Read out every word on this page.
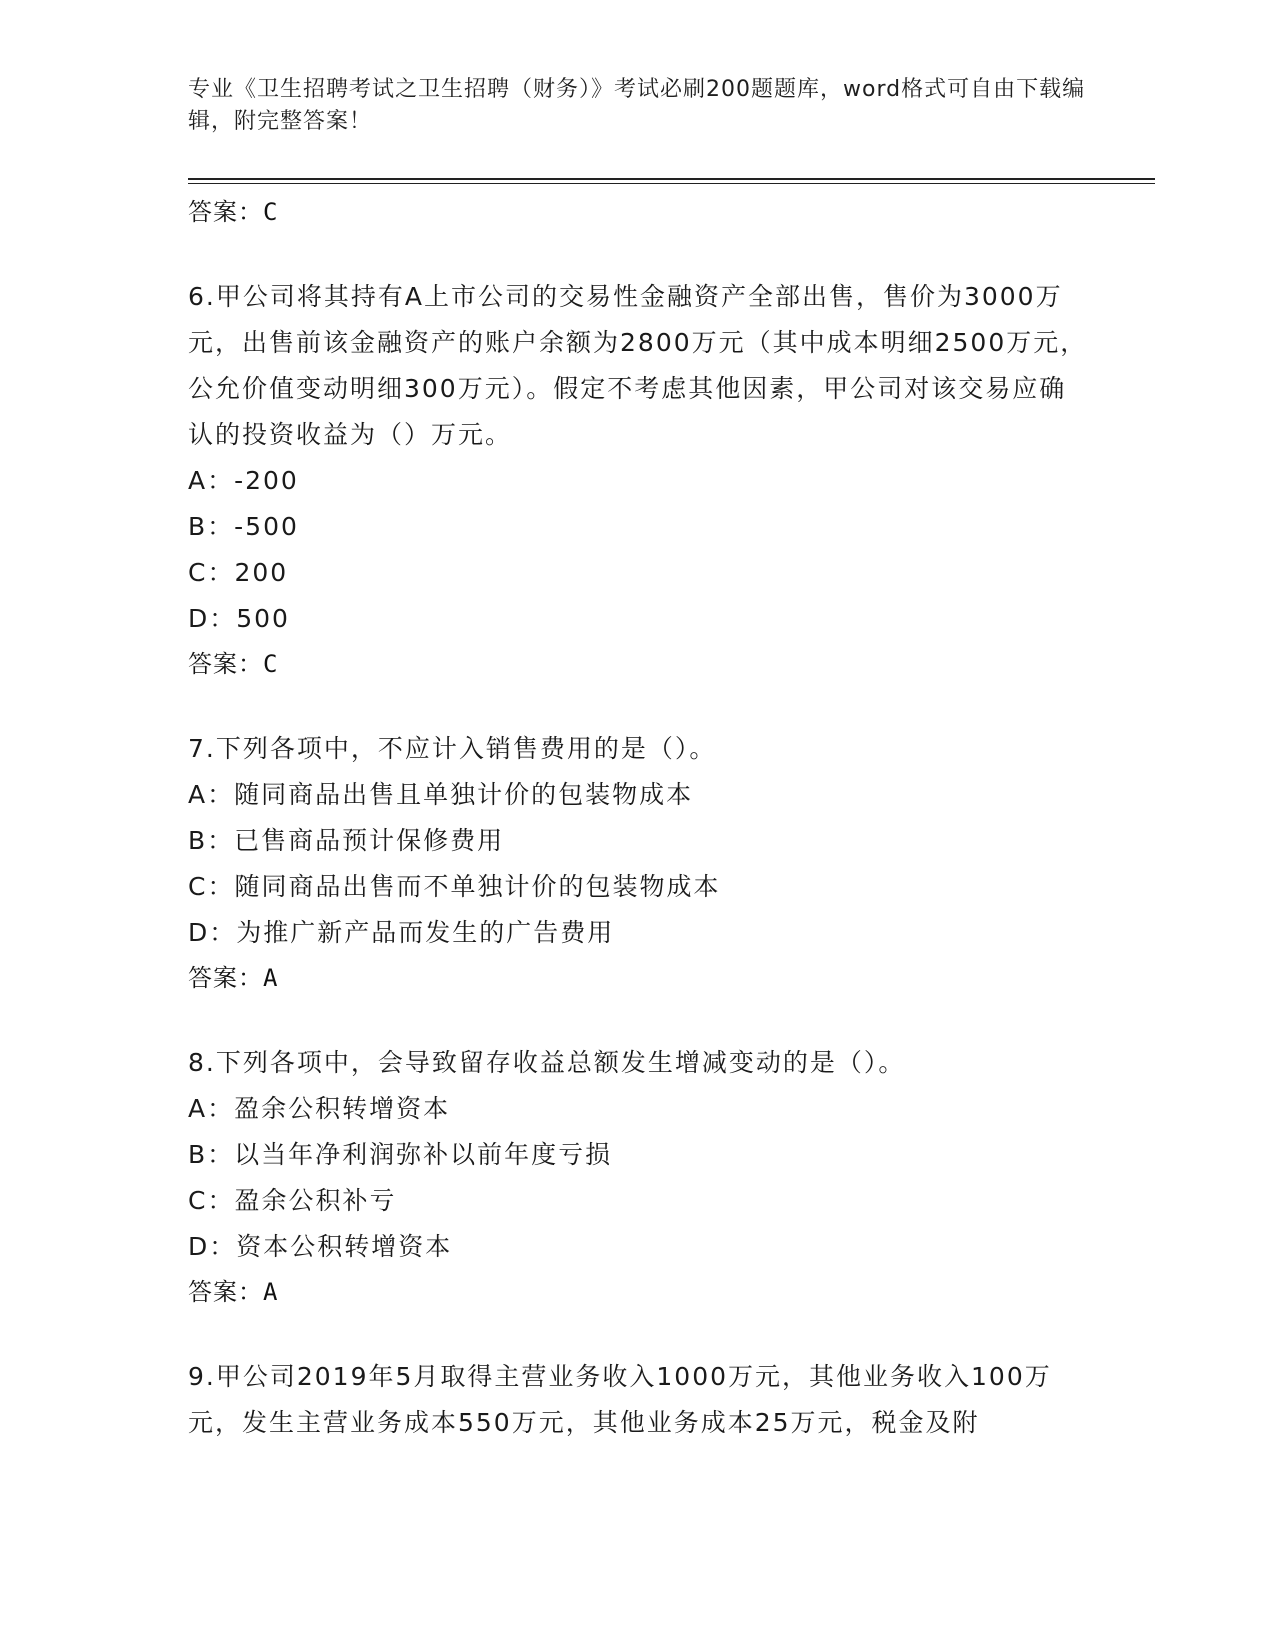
专业《卫生招聘考试之卫生招聘（财务）》考试必刷200题题库，word格式可自由下载编辑，附完整答案！
答案：C
6.甲公司将其持有A上市公司的交易性金融资产全部出售，售价为3000万元，出售前该金融资产的账户余额为2800万元（其中成本明细2500万元，公允价值变动明细300万元）。假定不考虑其他因素，甲公司对该交易应确认的投资收益为（）万元。
A：-200
B：-500
C：200
D：500
答案：C
7.下列各项中，不应计入销售费用的是（）。
A：随同商品出售且单独计价的包装物成本
B：已售商品预计保修费用
C：随同商品出售而不单独计价的包装物成本
D：为推广新产品而发生的广告费用
答案：A
8.下列各项中，会导致留存收益总额发生增减变动的是（）。
A：盈余公积转增资本
B：以当年净利润弥补以前年度亏损
C：盈余公积补亏
D：资本公积转增资本
答案：A
9.甲公司2019年5月取得主营业务收入1000万元，其他业务收入100万元，发生主营业务成本550万元，其他业务成本25万元，税金及附
